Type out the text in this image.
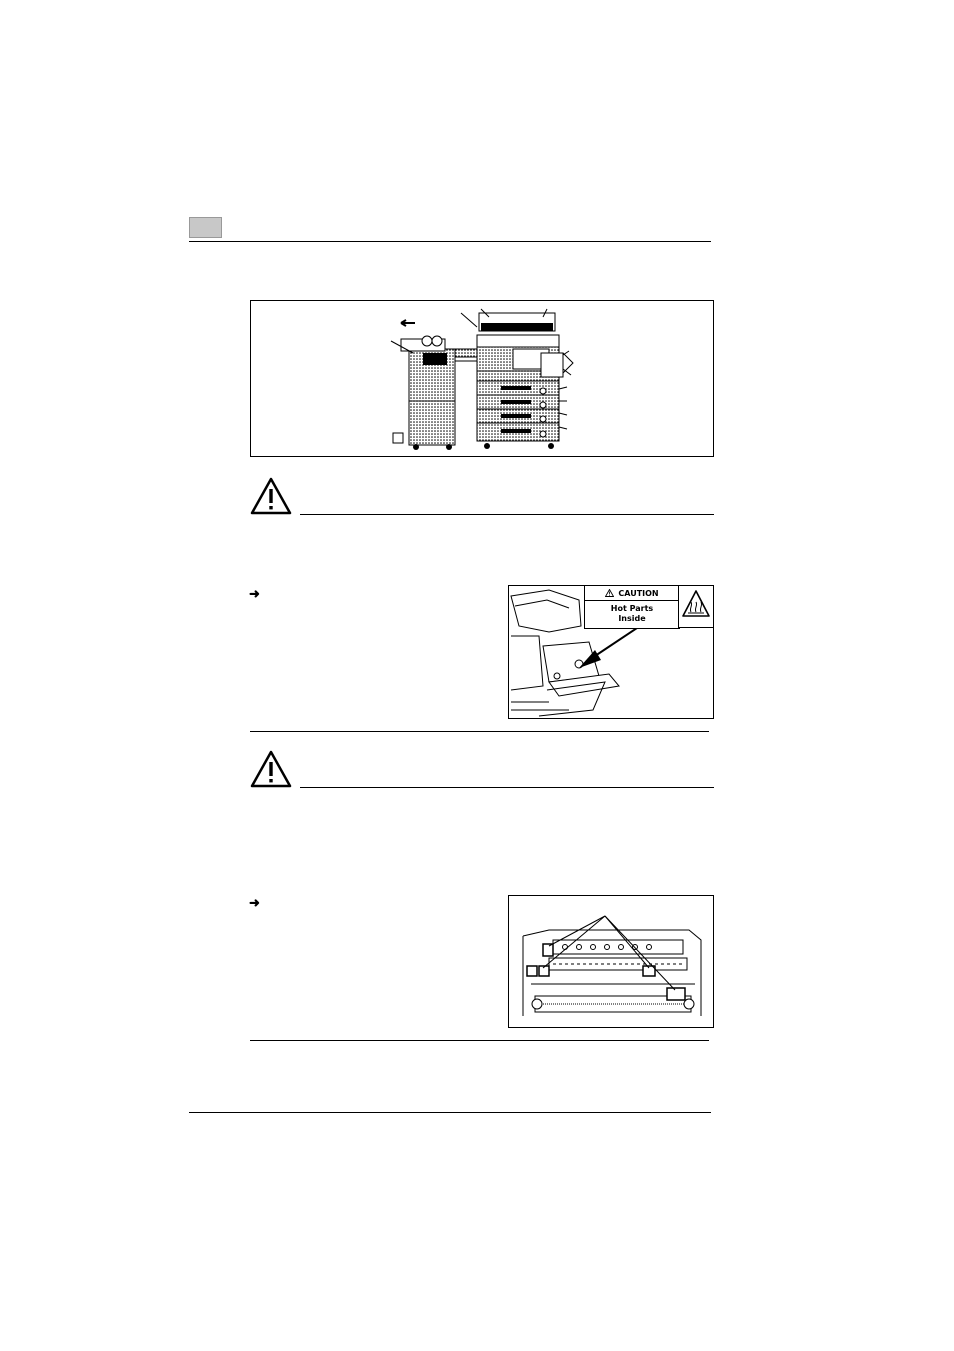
➜	CAUTION
Hot Parts
Inside
➜
